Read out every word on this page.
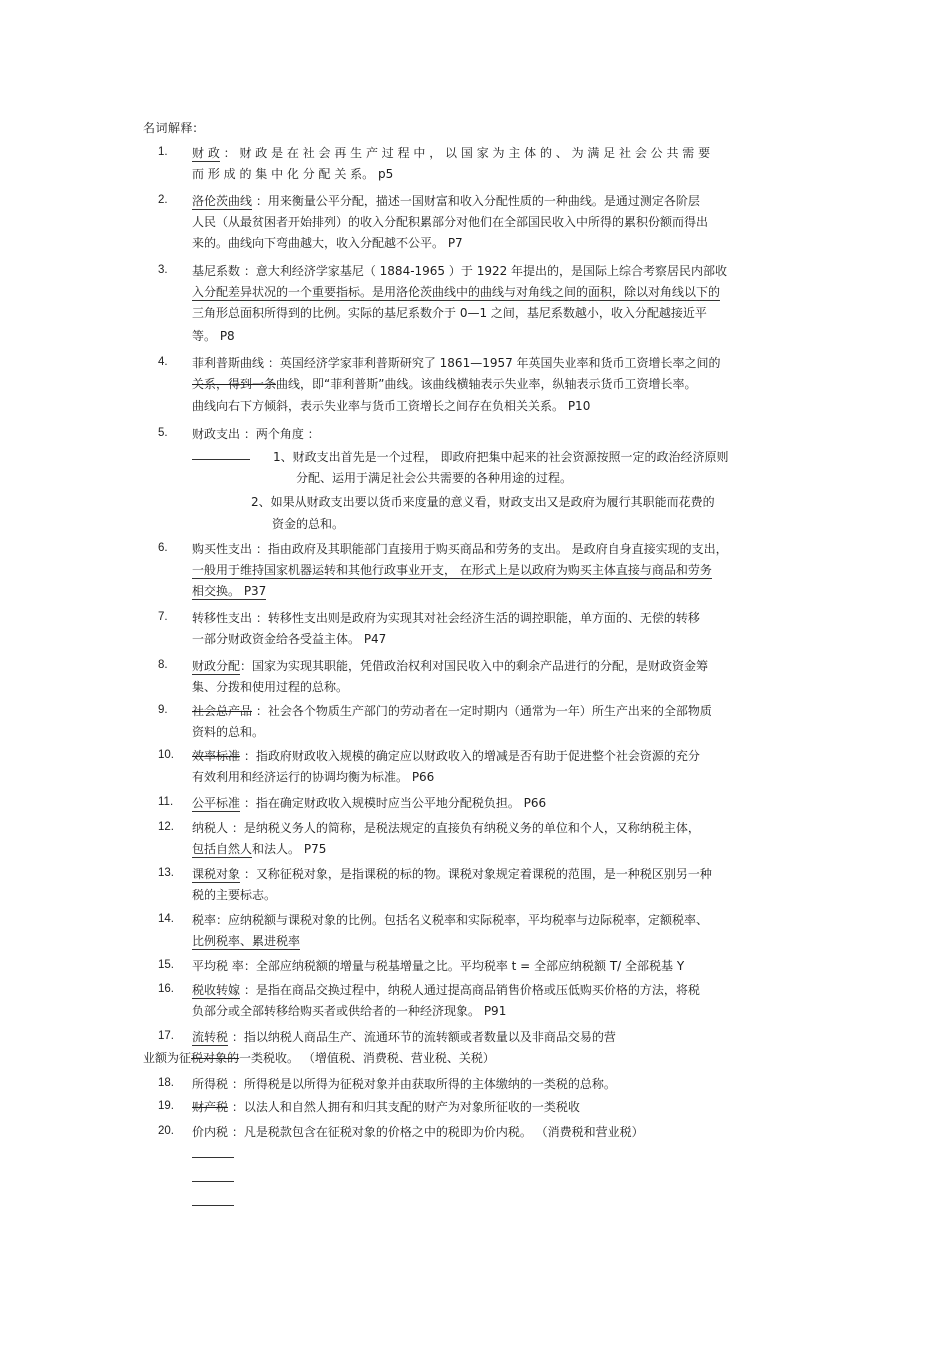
名词解释:
1.	财 政 ： 财 政 是 在 社 会 再 生 产 过 程 中 ， 以 国 家 为 主 体 的 、 为 满 足 社 会 公 共 需 要
而 形 成 的 集 中 化 分 配 关 系。 p5
2.	洛伦茨曲线 ：用来衡量公平分配，描述一国财富和收入分配性质的一种曲线。是通过测定各阶层
人民（从最贫困者开始排列）的收入分配积累部分对他们在全部国民收入中所得的累积份额而得出
来的。曲线向下弯曲越大，收入分配越不公平。 P7
3.	基尼系数 ：意大利经济学家基尼（ 1884-1965 ）于 1922 年提出的，是国际上综合考察居民内部收
入分配差异状况的一个重要指标。是用洛伦茨曲线中的曲线与对角线之间的面积，除以对角线以下的
三角形总面积所得到的比例。实际的基尼系数介于 0—1 之间，基尼系数越小，收入分配越接近平
等。 P8
4.	菲利普斯曲线 ：英国经济学家菲利普斯研究了 1861—1957 年英国失业率和货币工资增长率之间的
关系，得到一条曲线，即“菲利普斯”曲线。该曲线横轴表示失业率，纵轴表示货币工资增长率。
曲线向右下方倾斜，表示失业率与货币工资增长之间存在负相关关系。 P10
5.	财政支出 ：两个角度 ：
1、财政支出首先是一个过程， 即政府把集中起来的社会资源按照一定的政治经济原则
分配、运用于满足社会公共需要的各种用途的过程。
2、如果从财政支出要以货币来度量的意义看，财政支出又是政府为履行其职能而花费的
资金的总和。
6.	购买性支出 ：指由政府及其职能部门直接用于购买商品和劳务的支出。 是政府自身直接实现的支出，
一般用于维持国家机器运转和其他行政事业开支， 在形式上是以政府为购买主体直接与商品和劳务
相交换。 P37
7.	转移性支出 ：转移性支出则是政府为实现其对社会经济生活的调控职能，单方面的、无偿的转移
一部分财政资金给各受益主体。 P47
8.	财政分配：国家为实现其职能，凭借政治权利对国民收入中的剩余产品进行的分配，是财政资金筹
集、分拨和使用过程的总称。
9.	社会总产品 ：社会各个物质生产部门的劳动者在一定时期内（通常为一年）所生产出来的全部物质
资料的总和。
10.	效率标准 ：指政府财政收入规模的确定应以财政收入的增减是否有助于促进整个社会资源的充分
有效利用和经济运行的协调均衡为标准。 P66
11.	公平标准 ：指在确定财政收入规模时应当公平地分配税负担。 P66
12.	纳税人 ：是纳税义务人的简称，是税法规定的直接负有纳税义务的单位和个人，又称纳税主体，
包括自然人和法人。 P75
13.	课税对象 ：又称征税对象，是指课税的标的物。课税对象规定着课税的范围，是一种税区别另一种
税的主要标志。
14.	税率：应纳税额与课税对象的比例。包括名义税率和实际税率，平均税率与边际税率，定额税率、
比例税率、累进税率
15.	平均税 率：全部应纳税额的增量与税基增量之比。平均税率 t = 全部应纳税额 T/ 全部税基 Y
16.	税收转嫁 ：是指在商品交换过程中，纳税人通过提高商品销售价格或压低购买价格的方法，将税
负部分或全部转移给购买者或供给者的一种经济现象。 P91
17.	流转税 ：指以纳税人商品生产、流通环节的流转额或者数量以及非商品交易的营
业额为征税对象的一类税收。 （增值税、消费税、营业税、关税）
18.	所得税 ：所得税是以所得为征税对象并由获取所得的主体缴纳的一类税的总称。
19.	财产税 ：以法人和自然人拥有和归其支配的财产为对象所征收的一类税收
20.	价内税 ：凡是税款包含在征税对象的价格之中的税即为价内税。 （消费税和营业税）
